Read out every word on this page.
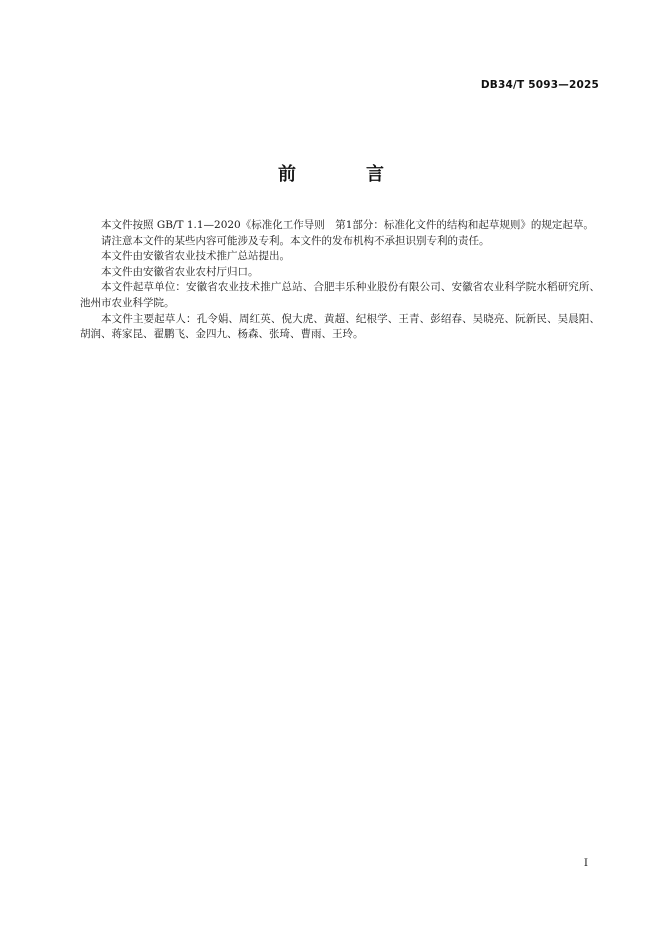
DB34/T 5093—2025
前　言

本文件按照 GB/T 1.1—2020《标准化工作导则　第1部分：标准化文件的结构和起草规则》的规定起草。

请注意本文件的某些内容可能涉及专利。本文件的发布机构不承担识别专利的责任。

本文件由安徽省农业技术推广总站提出。

本文件由安徽省农业农村厅归口。

本文件起草单位：安徽省农业技术推广总站、合肥丰乐种业股份有限公司、安徽省农业科学院水稻研究所、池州市农业科学院。

本文件主要起草人：孔令娟、周红英、倪大虎、黄超、纪根学、王青、彭绍春、吴晓亮、阮新民、吴晨阳、胡润、蒋家昆、翟鹏飞、金四九、杨森、张琦、曹雨、王玲。

I
